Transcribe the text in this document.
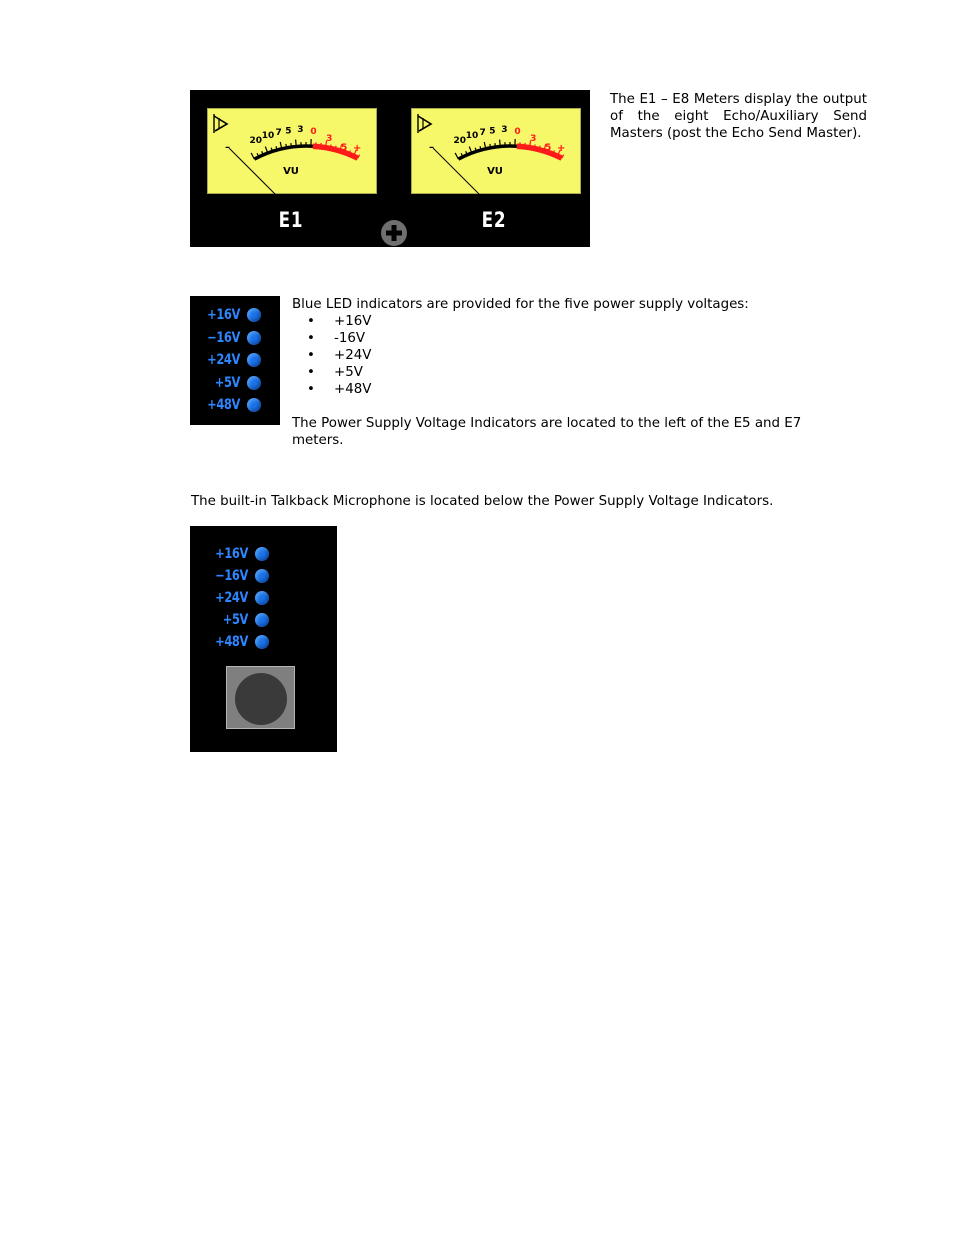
20 10 7 5 3 0
3
5
–	+
VU
20 10 7 5 3 0
3
5
–	+
VU
E1	E2

The E1 – E8 Meters display the output of the eight Echo/Auxiliary Send Masters (post the Echo Send Master).

+16V
−16V
+24V
+5V
+48V

Blue LED indicators are provided for the five power supply voltages:

• +16V
• -16V
• +24V
• +5V
• +48V

The Power Supply Voltage Indicators are located to the left of the E5 and E7 meters.

The built-in Talkback Microphone is located below the Power Supply Voltage Indicators.

+16V
−16V
+24V
+5V
+48V
